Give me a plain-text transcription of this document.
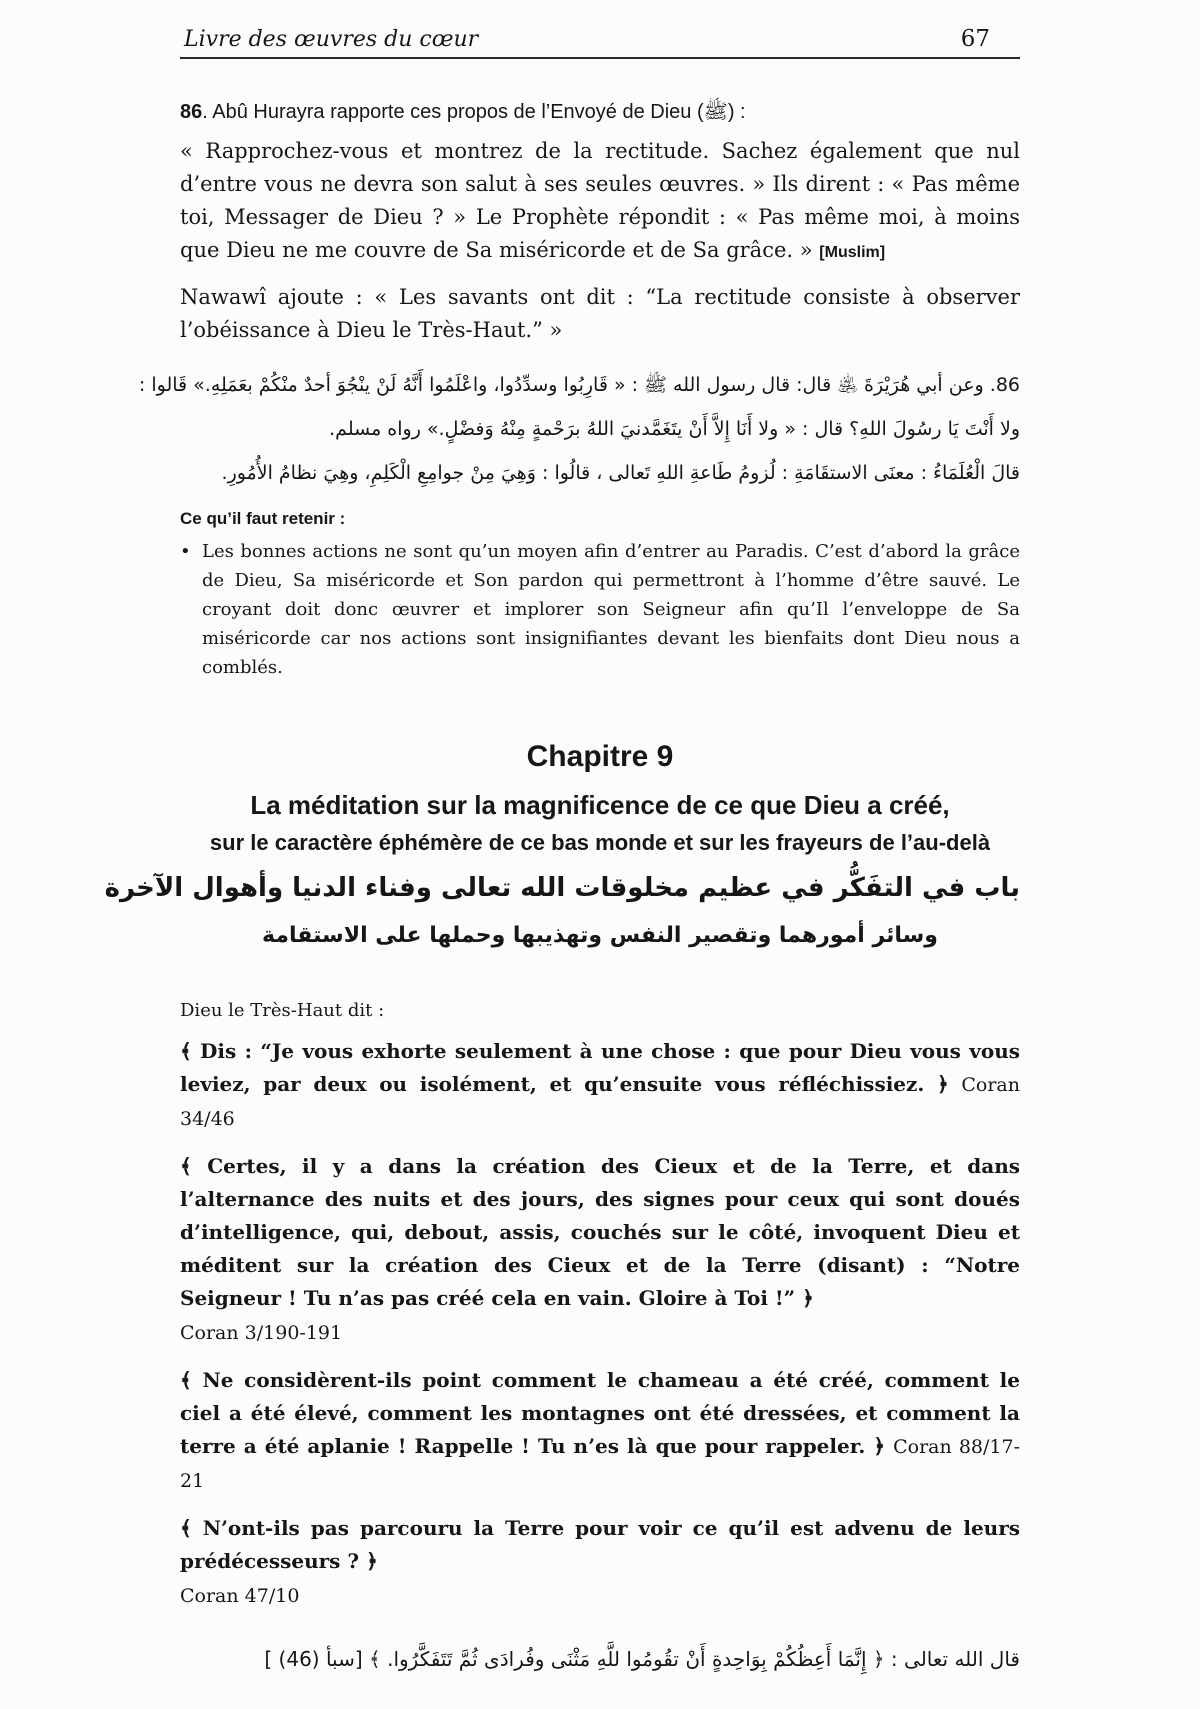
Livre des œuvres du cœur	67

86. Abû Hurayra rapporte ces propos de l’Envoyé de Dieu (ﷺ) :

« Rapprochez-vous et montrez de la rectitude. Sachez également que nul d’entre vous ne devra son salut à ses seules œuvres. » Ils dirent : « Pas même toi, Messager de Dieu ? » Le Prophète répondit : « Pas même moi, à moins que Dieu ne me couvre de Sa miséricorde et de Sa grâce. » [Muslim]

Nawawî ajoute : « Les savants ont dit : “La rectitude consiste à observer l’obéissance à Dieu le Très-Haut.” »

86. وعن أبي هُرَيْرَةَ ﵁ قال: قال رسول الله ﷺ : « قَارِبُوا وسدِّدُوا، واعْلَمُوا أَنَّهُ لَنْ ينْجُوَ أحدٌ منْكُمْ بعَمَلِهِ.» قَالوا :
ولا أَنْتَ يَا رسُولَ اللهِ؟ قال : « ولا أَنَا إِلاَّ أَنْ يتَغَمَّدنيَ اللهُ برَحْمةٍ مِنْهُ وَفضْلٍ.» رواه مسلم.
قالَ الْعُلَمَاءُ : معنَى الاستقَامَةِ : لُزومُ طَاعةِ اللهِ تَعالى ، قالُوا : وَهِيَ مِنْ جوامِعِ الْكَلِمِ، وهِيَ نظامُ الأُمُورِ.
Ce qu’il faut retenir :
• Les bonnes actions ne sont qu’un moyen afin d’entrer au Paradis. C’est d’abord la grâce de Dieu, Sa miséricorde et Son pardon qui permettront à l’homme d’être sauvé. Le croyant doit donc œuvrer et implorer son Seigneur afin qu’Il l’enveloppe de Sa miséricorde car nos actions sont insignifiantes devant les bienfaits dont Dieu nous a comblés.
Chapitre 9
La méditation sur la magnificence de ce que Dieu a créé,
sur le caractère éphémère de ce bas monde et sur les frayeurs de l’au-delà
باب في التفَكُّر في عظيم مخلوقات الله تعالى وفناء الدنيا وأهوال الآخرة
وسائر أمورهما وتقصير النفس وتهذيبها وحملها على الاستقامة

Dieu le Très-Haut dit :

﴾ Dis : “Je vous exhorte seulement à une chose : que pour Dieu vous vous leviez, par deux ou isolément, et qu’ensuite vous réfléchissiez. ﴿ Coran 34/46

﴾ Certes, il y a dans la création des Cieux et de la Terre, et dans l’alternance des nuits et des jours, des signes pour ceux qui sont doués d’intelligence, qui, debout, assis, couchés sur le côté, invoquent Dieu et méditent sur la création des Cieux et de la Terre (disant) : “Notre Seigneur ! Tu n’as pas créé cela en vain. Gloire à Toi !” ﴿
Coran 3/190-191

﴾ Ne considèrent-ils point comment le chameau a été créé, comment le ciel a été élevé, comment les montagnes ont été dressées, et comment la terre a été aplanie ! Rappelle ! Tu n’es là que pour rappeler. ﴿ Coran 88/17-21

﴾ N’ont-ils pas parcouru la Terre pour voir ce qu’il est advenu de leurs prédécesseurs ? ﴿
Coran 47/10

قال الله تعالى : ﴿ إِنَّمَا أَعِظُكُمْ بِوَاحِدةٍ أَنْ تقُومُوا للَّهِ مَثْنَى وفُرادَى ثُمَّ تَتَفَكَّرُوا. ﴾ [سبأ (46) ]
